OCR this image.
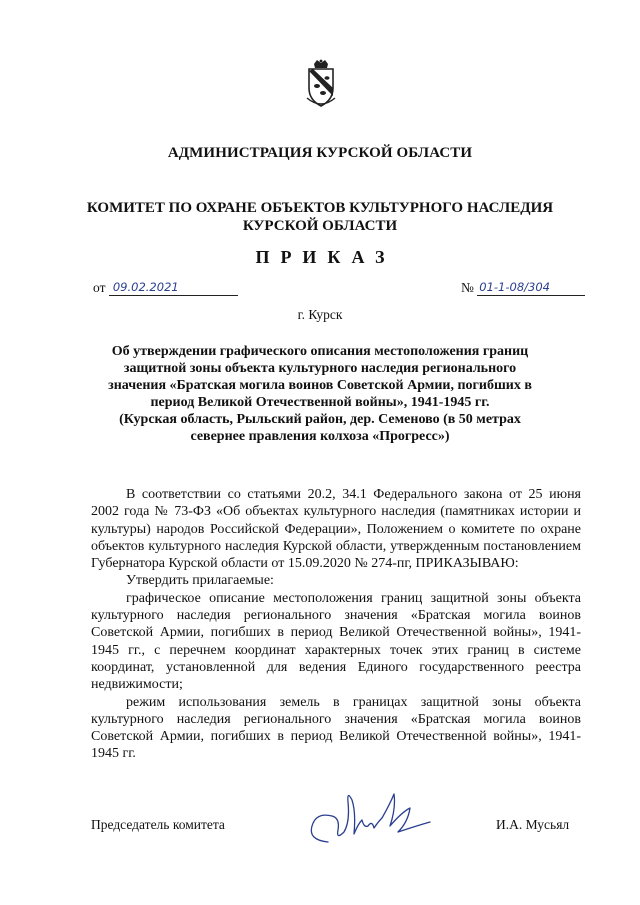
АДМИНИСТРАЦИЯ КУРСКОЙ ОБЛАСТИ
КОМИТЕТ ПО ОХРАНЕ ОБЪЕКТОВ КУЛЬТУРНОГО НАСЛЕДИЯ
КУРСКОЙ ОБЛАСТИ
ПРИКАЗ
от 09.02.2021	№ 01-1-08/304
г. Курск
Об утверждении графического описания местоположения границ
защитной зоны объекта культурного наследия регионального
значения «Братская могила воинов Советской Армии, погибших в
период Великой Отечественной войны», 1941-1945 гг.
(Курская область, Рыльский район, дер. Семеново (в 50 метрах
севернее правления колхоза «Прогресс»)

В соответствии со статьями 20.2, 34.1 Федерального закона от 25 июня 2002 года № 73-ФЗ «Об объектах культурного наследия (памятниках истории и культуры) народов Российской Федерации», Положением о комитете по охране объектов культурного наследия Курской области, утвержденным постановлением Губернатора Курской области от 15.09.2020 № 274-пг, ПРИКАЗЫВАЮ:

Утвердить прилагаемые:

графическое описание местоположения границ защитной зоны объекта культурного наследия регионального значения «Братская могила воинов Советской Армии, погибших в период Великой Отечественной войны», 1941-1945 гг., с перечнем координат характерных точек этих границ в системе координат, установленной для ведения Единого государственного реестра недвижимости;

режим использования земель в границах защитной зоны объекта культурного наследия регионального значения «Братская могила воинов Советской Армии, погибших в период Великой Отечественной войны», 1941-1945 гг.

Председатель комитета	И.А. Мусьял
